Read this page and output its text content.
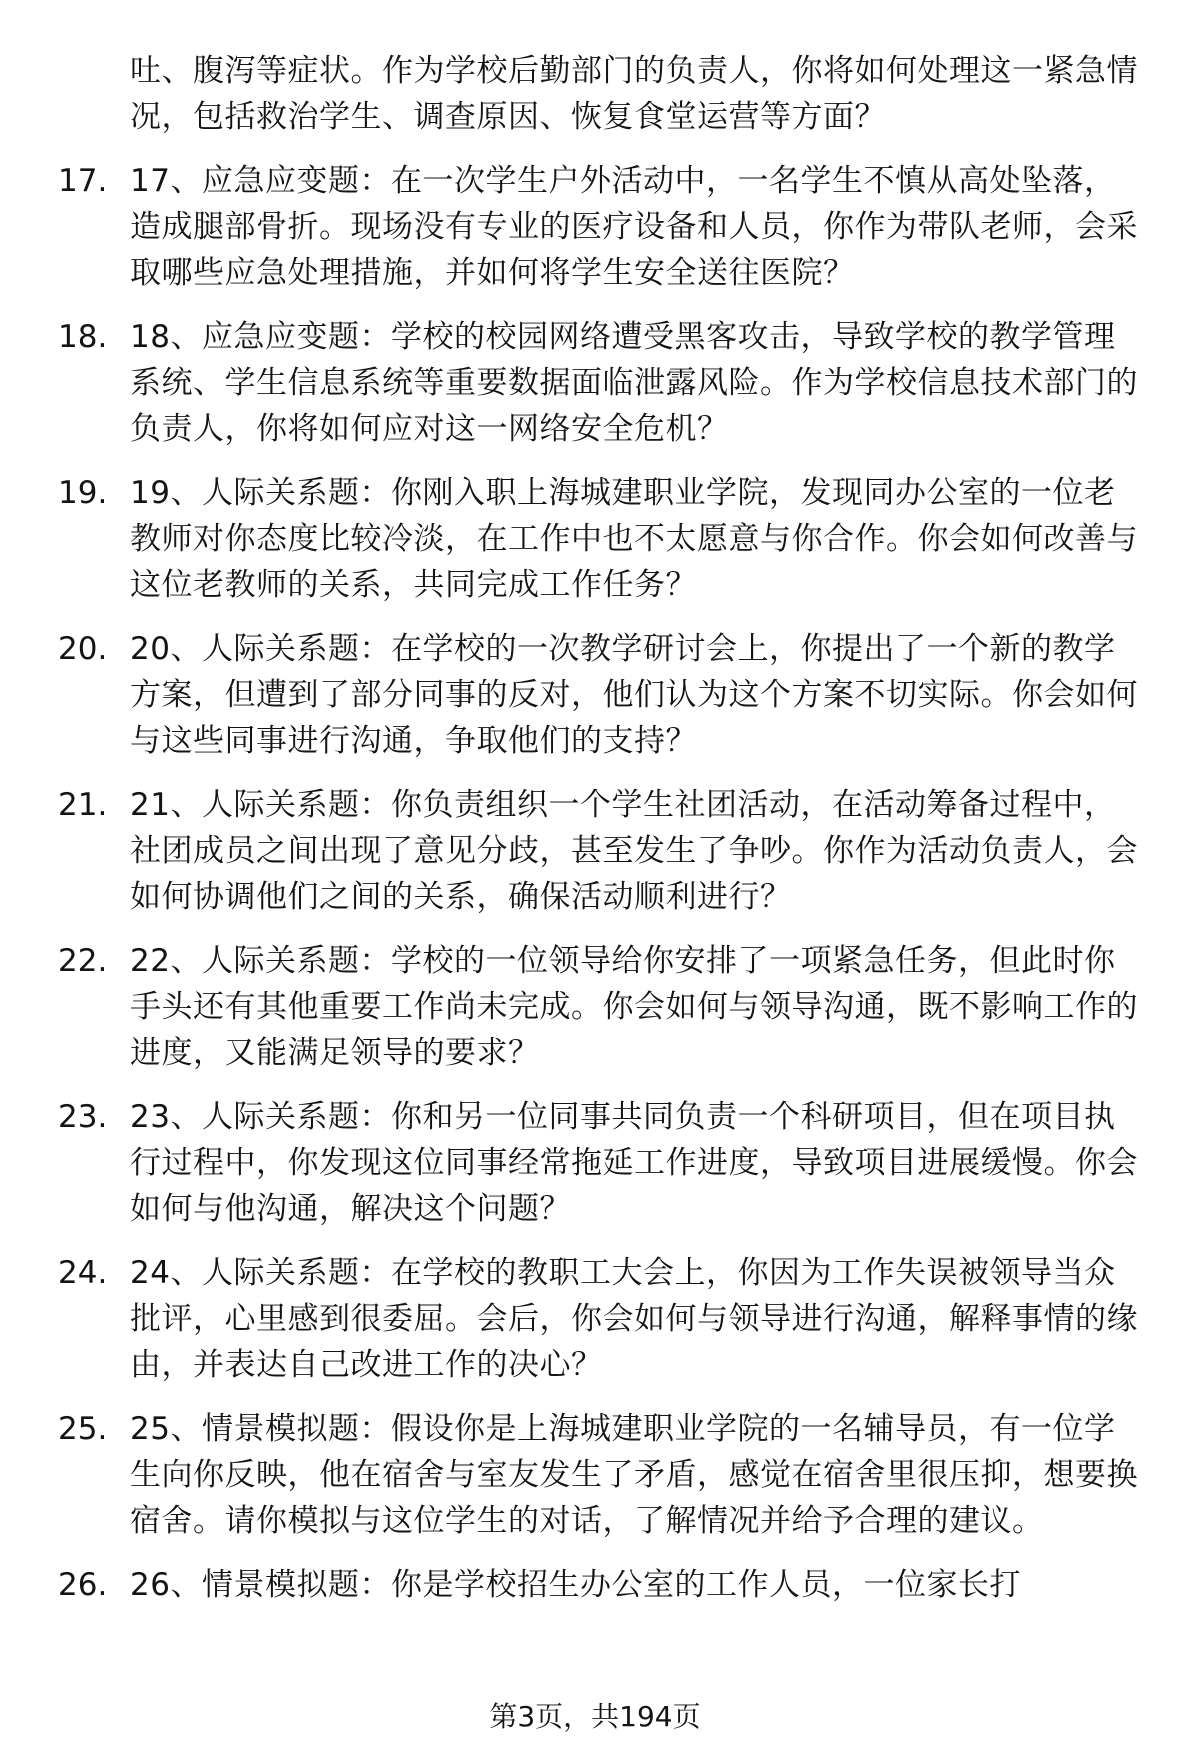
吐、腹泻等症状。作为学校后勤部门的负责人，你将如何处理这一紧急情况，包括救治学生、调查原因、恢复食堂运营等方面？
17. 17、应急应变题：在一次学生户外活动中，一名学生不慎从高处坠落，造成腿部骨折。现场没有专业的医疗设备和人员，你作为带队老师，会采取哪些应急处理措施，并如何将学生安全送往医院？
18. 18、应急应变题：学校的校园网络遭受黑客攻击，导致学校的教学管理系统、学生信息系统等重要数据面临泄露风险。作为学校信息技术部门的负责人，你将如何应对这一网络安全危机？
19. 19、人际关系题：你刚入职上海城建职业学院，发现同办公室的一位老教师对你态度比较冷淡，在工作中也不太愿意与你合作。你会如何改善与这位老教师的关系，共同完成工作任务？
20. 20、人际关系题：在学校的一次教学研讨会上，你提出了一个新的教学方案，但遭到了部分同事的反对，他们认为这个方案不切实际。你会如何与这些同事进行沟通，争取他们的支持？
21. 21、人际关系题：你负责组织一个学生社团活动，在活动筹备过程中，社团成员之间出现了意见分歧，甚至发生了争吵。你作为活动负责人，会如何协调他们之间的关系，确保活动顺利进行？
22. 22、人际关系题：学校的一位领导给你安排了一项紧急任务，但此时你手头还有其他重要工作尚未完成。你会如何与领导沟通，既不影响工作的进度，又能满足领导的要求？
23. 23、人际关系题：你和另一位同事共同负责一个科研项目，但在项目执行过程中，你发现这位同事经常拖延工作进度，导致项目进展缓慢。你会如何与他沟通，解决这个问题？
24. 24、人际关系题：在学校的教职工大会上，你因为工作失误被领导当众批评，心里感到很委屈。会后，你会如何与领导进行沟通，解释事情的缘由，并表达自己改进工作的决心？
25. 25、情景模拟题：假设你是上海城建职业学院的一名辅导员，有一位学生向你反映，他在宿舍与室友发生了矛盾，感觉在宿舍里很压抑，想要换宿舍。请你模拟与这位学生的对话，了解情况并给予合理的建议。
26. 26、情景模拟题：你是学校招生办公室的工作人员，一位家长打
第3页，共194页
